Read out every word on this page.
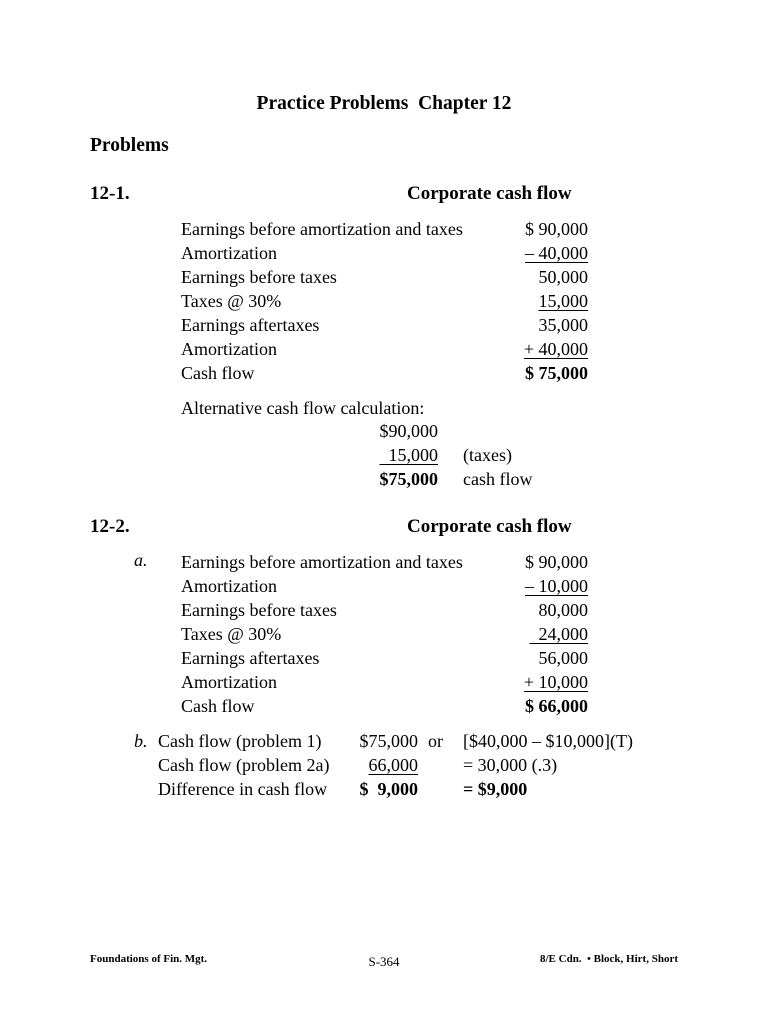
Practice Problems  Chapter 12
Problems
12-1.	Corporate cash flow
Earnings before amortization and taxes	$ 90,000
Amortization	– 40,000
Earnings before taxes	50,000
Taxes @ 30%	15,000
Earnings aftertaxes	35,000
Amortization	+ 40,000
Cash flow	$ 75,000
Alternative cash flow calculation:
$90,000
15,000 (taxes)
$75,000 cash flow
12-2.	Corporate cash flow
a. Earnings before amortization and taxes	$ 90,000
Amortization	– 10,000
Earnings before taxes	80,000
Taxes @ 30%	24,000
Earnings aftertaxes	56,000
Amortization	+ 10,000
Cash flow	$ 66,000
b. Cash flow (problem 1) $75,000 or [$40,000 – $10,000](T)
Cash flow (problem 2a) 66,000	= 30,000 (.3)
Difference in cash flow $  9,000	= $9,000
Foundations of Fin. Mgt.	S-364	8/E Cdn.  • Block, Hirt, Short
